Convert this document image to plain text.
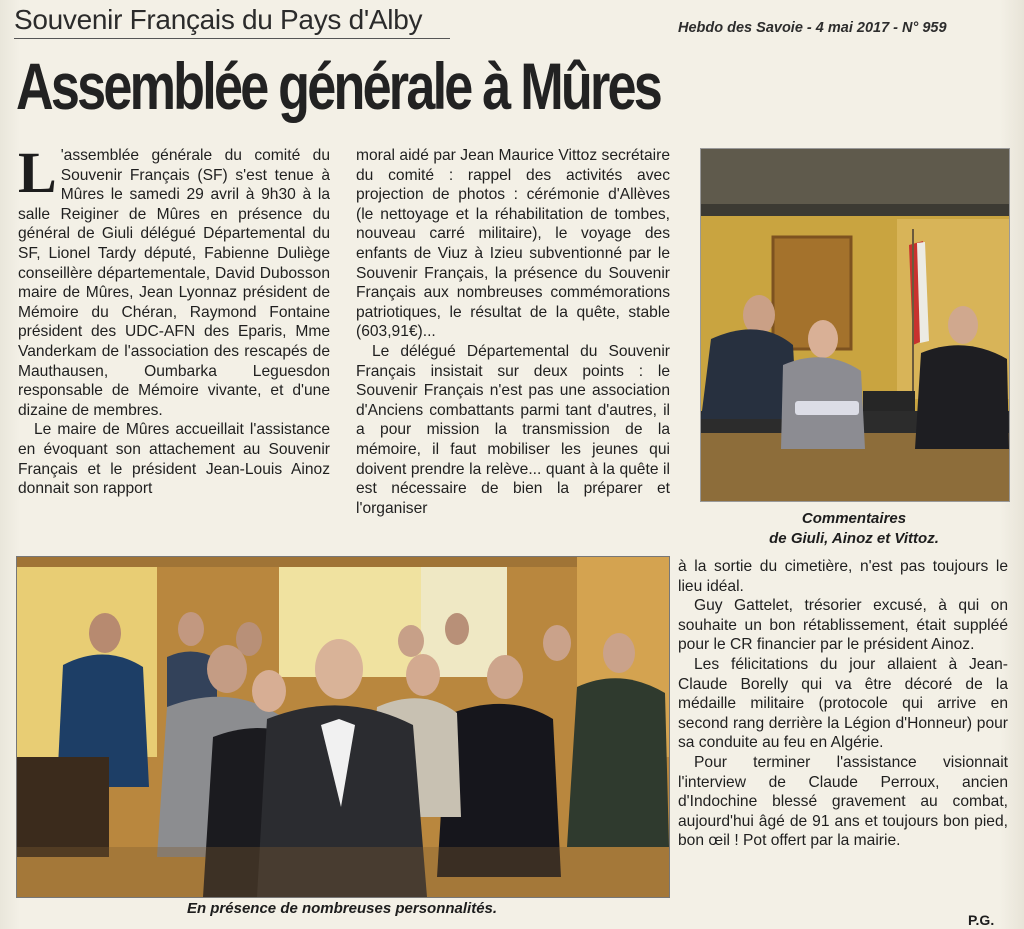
Souvenir Français du Pays d'Alby	Hebdo des Savoie - 4 mai 2017 - N° 959
Assemblée générale à Mûres

L 'assemblée générale du comité du Souvenir Français (SF) s'est tenue à Mûres le samedi 29 avril à 9h30 à la salle Reiginer de Mûres en présence du général de Giuli délégué Départemental du SF, Lionel Tardy député, Fabienne Duliège conseillère départementale, David Dubosson maire de Mûres, Jean Lyonnaz président de Mémoire du Chéran, Raymond Fontaine président des UDC-AFN des Eparis, Mme Vanderkam de l'association des rescapés de Mauthausen, Oumbarka Leguesdon responsable de Mémoire vivante, et d'une dizaine de membres.

Le maire de Mûres accueillait l'assistance en évoquant son attachement au Souvenir Français et le président Jean-Louis Ainoz donnait son rapport

moral aidé par Jean Maurice Vittoz secrétaire du comité : rappel des activités avec projection de photos : cérémonie d'Allèves (le nettoyage et la réhabilitation de tombes, nouveau carré militaire), le voyage des enfants de Viuz à Izieu subventionné par le Souvenir Français, la présence du Souvenir Français aux nombreuses commémorations patriotiques, le résultat de la quête, stable (603,91€)...

Le délégué Départemental du Souvenir Français insistait sur deux points : le Souvenir Français n'est pas une association d'Anciens combattants parmi tant d'autres, il a pour mission la transmission de la mémoire, il faut mobiliser les jeunes qui doivent prendre la relève... quant à la quête il est nécessaire de bien la préparer et l'organiser

Commentaires
de Giuli, Ainoz et Vittoz.
En présence de nombreuses personnalités.

à la sortie du cimetière, n'est pas toujours le lieu idéal.

Guy Gattelet, trésorier excusé, à qui on souhaite un bon rétablissement, était suppléé pour le CR financier par le président Ainoz.

Les félicitations du jour allaient à Jean-Claude Borelly qui va être décoré de la médaille militaire (protocole qui arrive en second rang derrière la Légion d'Honneur) pour sa conduite au feu en Algérie.

Pour terminer l'assistance visionnait l'interview de Claude Perroux, ancien d'Indochine blessé gravement au combat, aujourd'hui âgé de 91 ans et toujours bon pied, bon œil ! Pot offert par la mairie.

P.G.
